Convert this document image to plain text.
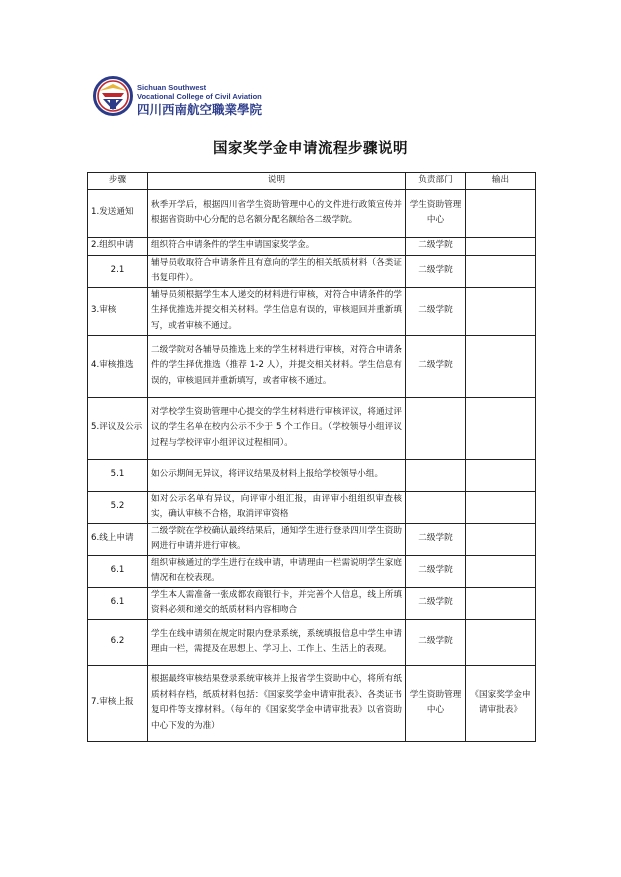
Sichuan Southwest
Vocational College of Civil Aviation
四川西南航空職業學院
国家奖学金申请流程步骤说明
步骤	说明	负责部门	输出
1.发送通知	秋季开学后，根据四川省学生资助管理中心的文件进行政策宣传并根据省资助中心分配的总名额分配名额给各二级学院。	学生资助管理中心	
2.组织申请	组织符合申请条件的学生申请国家奖学金。	二级学院	
2.1	辅导员收取符合申请条件且有意向的学生的相关纸质材料（各类证书复印件）。	二级学院	
3.审核	辅导员须根据学生本人递交的材料进行审核，对符合申请条件的学生择优推选并提交相关材料。学生信息有误的，审核退回并重新填写，或者审核不通过。	二级学院	
4.审核推选	二级学院对各辅导员推选上来的学生材料进行审核，对符合申请条件的学生择优推选（推荐 1-2 人），并提交相关材料。学生信息有误的，审核退回并重新填写，或者审核不通过。	二级学院	
5.评议及公示	对学校学生资助管理中心提交的学生材料进行审核评议，将通过评议的学生名单在校内公示不少于 5 个工作日。（学校领导小组评议过程与学校评审小组评议过程相同）。		
5.1	如公示期间无异议，将评议结果及材料上报给学校领导小组。		
5.2	如对公示名单有异议，向评审小组汇报，由评审小组组织审查核实，确认审核不合格，取消评审资格		
6.线上申请	二级学院在学校确认最终结果后，通知学生进行登录四川学生资助网进行申请并进行审核。	二级学院	
6.1	组织审核通过的学生进行在线申请，申请理由一栏需说明学生家庭情况和在校表现。	二级学院	
6.1	学生本人需准备一张成都农商银行卡，并完善个人信息，线上所填资料必须和递交的纸质材料内容相吻合	二级学院	
6.2	学生在线申请须在规定时限内登录系统，系统填报信息中学生申请理由一栏，需提及在思想上、学习上、工作上、生活上的表现。	二级学院	
7.审核上报	根据最终审核结果登录系统审核并上报省学生资助中心，将所有纸质材料存档，纸质材料包括：《国家奖学金申请审批表》、各类证书复印件等支撑材料。（每年的《国家奖学金申请审批表》以省资助中心下发的为准）	学生资助管理中心	《国家奖学金申请审批表》
